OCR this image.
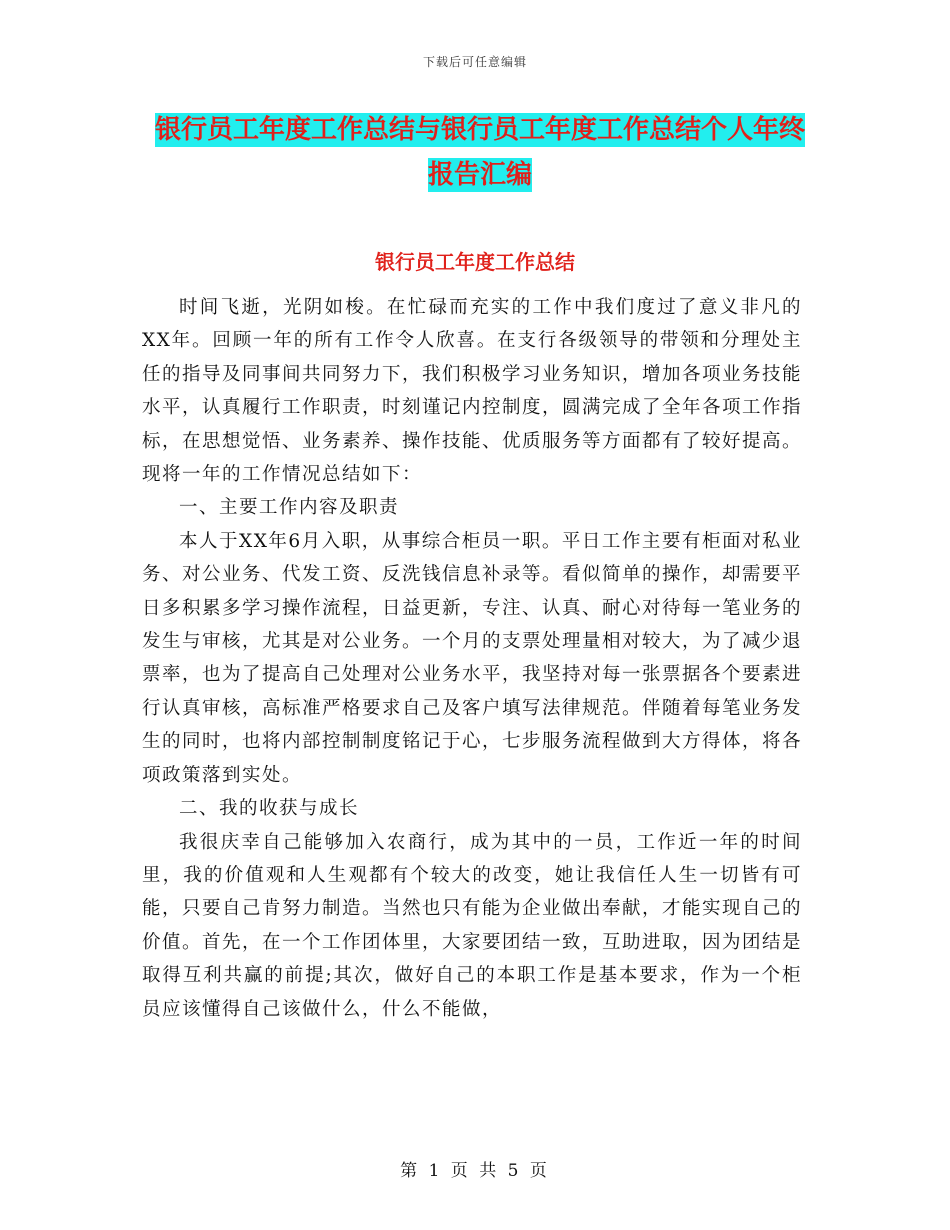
下载后可任意编辑
银行员工年度工作总结与银行员工年度工作总结个人年终报告汇编
银行员工年度工作总结

时间飞逝，光阴如梭。在忙碌而充实的工作中我们度过了意义非凡的XX年。回顾一年的所有工作令人欣喜。在支行各级领导的带领和分理处主任的指导及同事间共同努力下，我们积极学习业务知识，增加各项业务技能水平，认真履行工作职责，时刻谨记内控制度，圆满完成了全年各项工作指标，在思想觉悟、业务素养、操作技能、优质服务等方面都有了较好提高。现将一年的工作情况总结如下：

一、主要工作内容及职责

本人于XX年6月入职，从事综合柜员一职。平日工作主要有柜面对私业务、对公业务、代发工资、反洗钱信息补录等。看似简单的操作，却需要平日多积累多学习操作流程，日益更新，专注、认真、耐心对待每一笔业务的发生与审核，尤其是对公业务。一个月的支票处理量相对较大，为了减少退票率，也为了提高自己处理对公业务水平，我坚持对每一张票据各个要素进行认真审核，高标准严格要求自己及客户填写法律规范。伴随着每笔业务发生的同时，也将内部控制制度铭记于心，七步服务流程做到大方得体，将各项政策落到实处。

二、我的收获与成长

我很庆幸自己能够加入农商行，成为其中的一员，工作近一年的时间里，我的价值观和人生观都有个较大的改变，她让我信任人生一切皆有可能，只要自己肯努力制造。当然也只有能为企业做出奉献，才能实现自己的价值。首先，在一个工作团体里，大家要团结一致，互助进取，因为团结是取得互利共赢的前提;其次，做好自己的本职工作是基本要求，作为一个柜员应该懂得自己该做什么，什么不能做，

第 1 页 共 5 页
